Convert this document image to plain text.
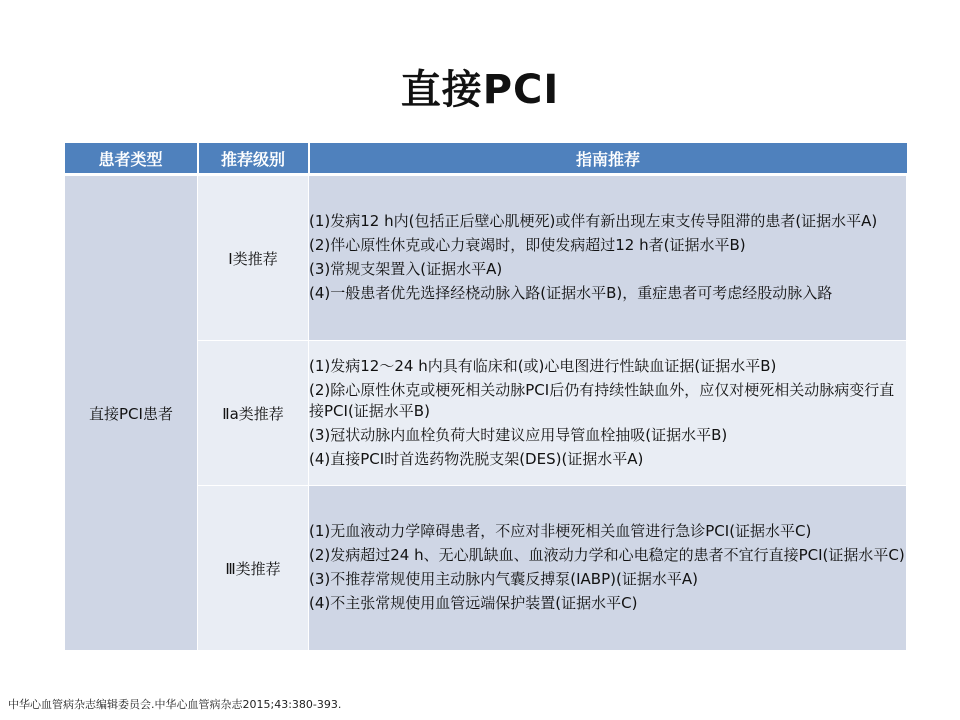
直接PCI
患者类型	推荐级别	指南推荐
直接PCI患者	Ⅰ类推荐	(1)发病12 h内(包括正后壁心肌梗死)或伴有新出现左束支传导阻滞的患者(证据水平A)
(2)伴心原性休克或心力衰竭时，即使发病超过12 h者(证据水平B)
(3)常规支架置入(证据水平A)
(4)一般患者优先选择经桡动脉入路(证据水平B)，重症患者可考虑经股动脉入路

	Ⅱa类推荐	(1)发病12～24 h内具有临床和(或)心电图进行性缺血证据(证据水平B)
(2)除心原性休克或梗死相关动脉PCI后仍有持续性缺血外，应仅对梗死相关动脉病变行直接PCI(证据水平B)
(3)冠状动脉内血栓负荷大时建议应用导管血栓抽吸(证据水平B)
(4)直接PCI时首选药物洗脱支架(DES)(证据水平A)

	Ⅲ类推荐	(1)无血液动力学障碍患者，不应对非梗死相关血管进行急诊PCI(证据水平C)
(2)发病超过24 h、无心肌缺血、血液动力学和心电稳定的患者不宜行直接PCI(证据水平C)
(3)不推荐常规使用主动脉内气囊反搏泵(IABP)(证据水平A)
(4)不主张常规使用血管远端保护装置(证据水平C)
中华心血管病杂志编辑委员会.中华心血管病杂志2015;43:380-393.
